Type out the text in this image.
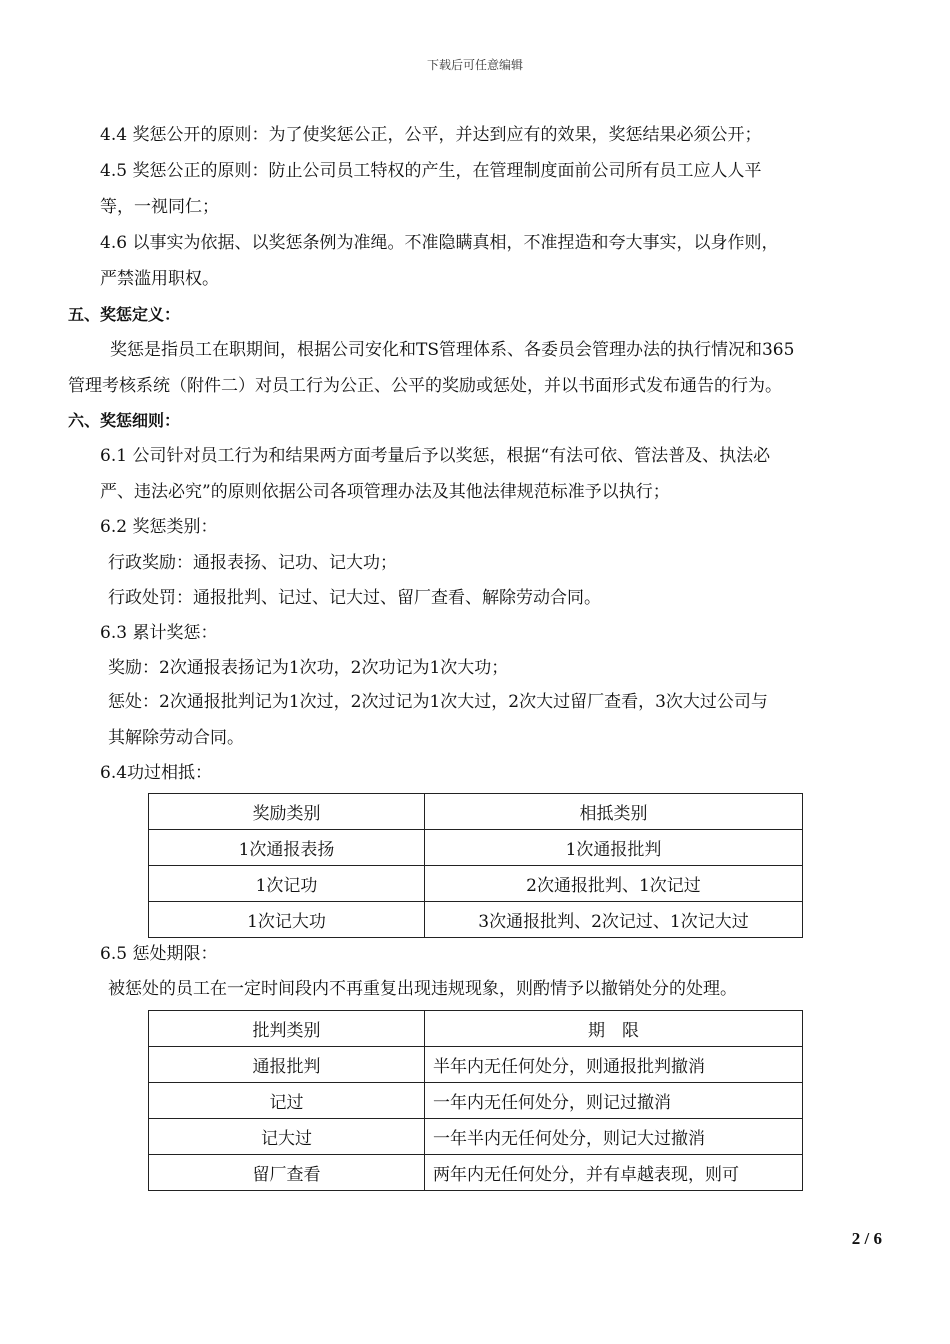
下载后可任意编辑
4.4 奖惩公开的原则：为了使奖惩公正，公平，并达到应有的效果，奖惩结果必须公开；
4.5 奖惩公正的原则：防止公司员工特权的产生，在管理制度面前公司所有员工应人人平
等，一视同仁；
4.6 以事实为依据、以奖惩条例为准绳。不准隐瞒真相，不准捏造和夸大事实，以身作则，
严禁滥用职权。
五、奖惩定义：
奖惩是指员工在职期间，根据公司安化和TS管理体系、各委员会管理办法的执行情况和365
管理考核系统（附件二）对员工行为公正、公平的奖励或惩处，并以书面形式发布通告的行为。
六、奖惩细则：
6.1 公司针对员工行为和结果两方面考量后予以奖惩，根据“有法可依、管法普及、执法必
严、违法必究”的原则依据公司各项管理办法及其他法律规范标准予以执行；
6.2 奖惩类别：
行政奖励：通报表扬、记功、记大功；
行政处罚：通报批判、记过、记大过、留厂查看、解除劳动合同。
6.3 累计奖惩：
奖励：2次通报表扬记为1次功，2次功记为1次大功；
惩处：2次通报批判记为1次过，2次过记为1次大过，2次大过留厂查看，3次大过公司与
其解除劳动合同。
6.4功过相抵：
奖励类别	相抵类别
1次通报表扬	1次通报批判
1次记功	2次通报批判、1次记过
1次记大功	3次通报批判、2次记过、1次记大过
6.5 惩处期限：
被惩处的员工在一定时间段内不再重复出现违规现象，则酌情予以撤销处分的处理。
批判类别	期　限
通报批判	半年内无任何处分，则通报批判撤消
记过	一年内无任何处分，则记过撤消
记大过	一年半内无任何处分，则记大过撤消
留厂查看	两年内无任何处分，并有卓越表现，则可
2 / 6
